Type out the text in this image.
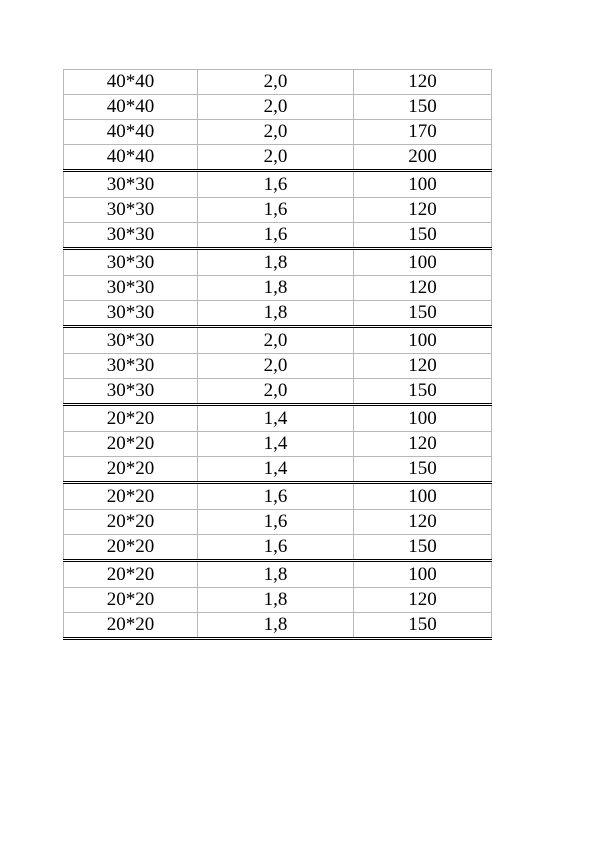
40*40	2,0	120
40*40	2,0	150
40*40	2,0	170
40*40	2,0	200
30*30	1,6	100
30*30	1,6	120
30*30	1,6	150
30*30	1,8	100
30*30	1,8	120
30*30	1,8	150
30*30	2,0	100
30*30	2,0	120
30*30	2,0	150
20*20	1,4	100
20*20	1,4	120
20*20	1,4	150
20*20	1,6	100
20*20	1,6	120
20*20	1,6	150
20*20	1,8	100
20*20	1,8	120
20*20	1,8	150
